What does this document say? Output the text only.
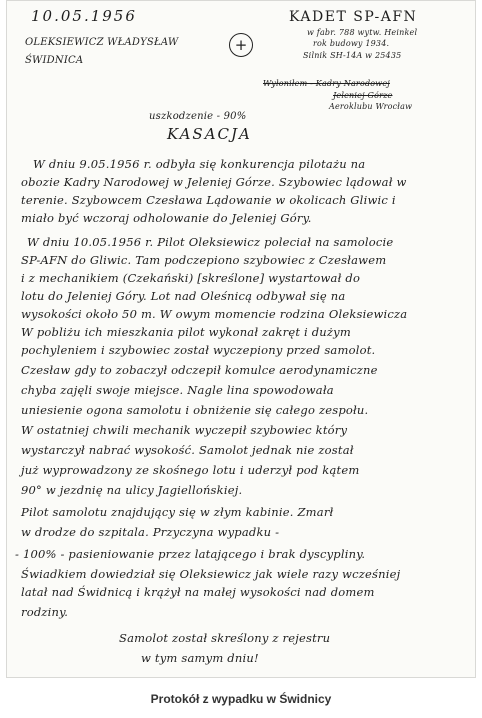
10.05.1956
OLEKSIEWICZ WŁADYSŁAW	+
ŚWIDNICA
KADET SP-AFN
w fabr. 788 wytw. Heinkel
rok budowy 1934.
Silnik SH-14A w 25435
Wyłoniłem - Kadry Narodowej
Jeleniej Górze
Aeroklubu Wrocław
uszkodzenie - 90%
KASACJA
W dniu 9.05.1956 r. odbyła się konkurencja pilotażu na
obozie Kadry Narodowej w Jeleniej Górze. Szybowiec lądował w
terenie. Szybowcem Czesława Lądowanie w okolicach Gliwic i
miało być wczoraj odholowanie do Jeleniej Góry.
W dniu 10.05.1956 r. Pilot Oleksiewicz poleciał na samolocie
SP-AFN do Gliwic. Tam podczepiono szybowiec z Czesławem
i z mechanikiem (Czekański) [skreślone] wystartował do
lotu do Jeleniej Góry. Lot nad Oleśnicą odbywał się na
wysokości około 50 m. W owym momencie rodzina Oleksiewicza
W pobliżu ich mieszkania pilot wykonał zakręt i dużym
pochyleniem i szybowiec został wyczepiony przed samolot.
Czesław gdy to zobaczył odczepił komulce aerodynamiczne
chyba zajęli swoje miejsce. Nagle lina spowodowała
uniesienie ogona samolotu i obniżenie się całego zespołu.
W ostatniej chwili mechanik wyczepił szybowiec który
wystarczył nabrać wysokość. Samolot jednak nie został
już wyprowadzony ze skośnego lotu i uderzył pod kątem
90° w jezdnię na ulicy Jagiellońskiej.
Pilot samolotu znajdujący się w złym kabinie. Zmarł
w drodze do szpitala. Przyczyna wypadku -
- 100% - pasieniowanie przez latającego i brak dyscypliny.
Świadkiem dowiedział się Oleksiewicz jak wiele razy wcześniej
latał nad Świdnicą i krążył na małej wysokości nad domem
rodziny.
Samolot został skreślony z rejestru
w tym samym dniu!
Protokół z wypadku w Świdnicy
